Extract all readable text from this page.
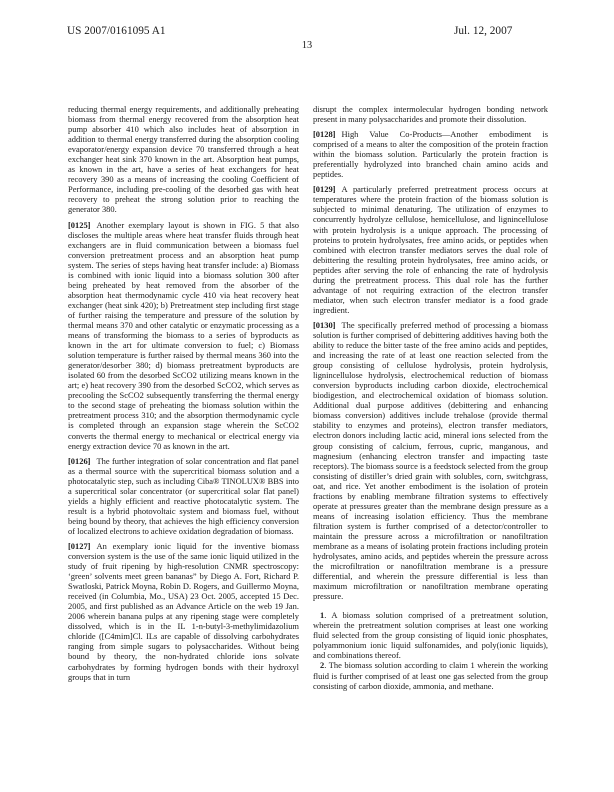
US 2007/0161095 A1	Jul. 12, 2007
13

reducing thermal energy requirements, and additionally preheating biomass from thermal energy recovered from the absorption heat pump absorber 410 which also includes heat of absorption in addition to thermal energy transferred during the absorption cooling evaporator/energy expansion device 70 transferred through a heat exchanger heat sink 370 known in the art. Absorption heat pumps, as known in the art, have a series of heat exchangers for heat recovery 390 as a means of increasing the cooling Coefficient of Performance, including pre-cooling of the desorbed gas with heat recovery to preheat the strong solution prior to reaching the generator 380.

[0125] Another exemplary layout is shown in FIG. 5 that also discloses the multiple areas where heat transfer fluids through heat exchangers are in fluid communication between a biomass fuel conversion pretreatment process and an absorption heat pump system. The series of steps having heat transfer include: a) Biomass is combined with ionic liquid into a biomass solution 300 after being preheated by heat removed from the absorber of the absorption heat thermodynamic cycle 410 via heat recovery heat exchanger (heat sink 420); b) Pretreatment step including first stage of further raising the temperature and pressure of the solution by thermal means 370 and other catalytic or enzymatic processing as a means of transforming the biomass to a series of byproducts as known in the art for ultimate conversion to fuel; c) Biomass solution temperature is further raised by thermal means 360 into the generator/desorber 380; d) biomass pretreatment byproducts are isolated 60 from the desorbed ScCO2 utilizing means known in the art; e) heat recovery 390 from the desorbed ScCO2, which serves as precooling the ScCO2 subsequently transferring the thermal energy to the second stage of preheating the biomass solution within the pretreatment process 310; and the absorption thermodynamic cycle is completed through an expansion stage wherein the ScCO2 converts the thermal energy to mechanical or electrical energy via energy extraction device 70 as known in the art.

[0126] The further integration of solar concentration and flat panel as a thermal source with the supercritical biomass solution and a photocatalytic step, such as including Ciba® TINOLUX® BBS into a supercritical solar concentrator (or supercritical solar flat panel) yields a highly efficient and reactive photocatalytic system. The result is a hybrid photovoltaic system and biomass fuel, without being bound by theory, that achieves the high efficiency conversion of localized electrons to achieve oxidation degradation of biomass.

[0127] An exemplary ionic liquid for the inventive biomass conversion system is the use of the same ionic liquid utilized in the study of fruit ripening by high-resolution CNMR spectroscopy: ‘green’ solvents meet green bananas” by Diego A. Fort, Richard P. Swatloski, Patrick Moyna, Robin D. Rogers, and Guillermo Moyna, received (in Columbia, Mo., USA) 23 Oct. 2005, accepted 15 Dec. 2005, and first published as an Advance Article on the web 19 Jan. 2006 wherein banana pulps at any ripening stage were completely dissolved, which is in the IL 1-n-butyl-3-methylimidazolium chloride ([C4mim]Cl. ILs are capable of dissolving carbohydrates ranging from simple sugars to polysaccharides. Without being bound by theory, the non-hydrated chloride ions solvate carbohydrates by forming hydrogen bonds with their hydroxyl groups that in turn

disrupt the complex intermolecular hydrogen bonding network present in many polysaccharides and promote their dissolution.

[0128] High Value Co-Products—Another embodiment is comprised of a means to alter the composition of the protein fraction within the biomass solution. Particularly the protein fraction is preferentially hydrolyzed into branched chain amino acids and peptides.

[0129] A particularly preferred pretreatment process occurs at temperatures where the protein fraction of the biomass solution is subjected to minimal denaturing. The utilization of enzymes to concurrently hydrolyze cellulose, hemicellulose, and lignincellulose with protein hydrolysis is a unique approach. The processing of proteins to protein hydrolysates, free amino acids, or peptides when combined with electron transfer mediators serves the dual role of debittering the resulting protein hydrolysates, free amino acids, or peptides after serving the role of enhancing the rate of hydrolysis during the pretreatment process. This dual role has the further advantage of not requiring extraction of the electron transfer mediator, when such electron transfer mediator is a food grade ingredient.

[0130] The specifically preferred method of processing a biomass solution is further comprised of debittering additives having both the ability to reduce the bitter taste of the free amino acids and peptides, and increasing the rate of at least one reaction selected from the group consisting of cellulose hydrolysis, protein hydrolysis, lignincellulose hydrolysis, electrochemical reduction of biomass conversion byproducts including carbon dioxide, electrochemical biodigestion, and electrochemical oxidation of biomass solution. Additional dual purpose additives (debittering and enhancing biomass conversion) additives include trehalose (provide thermal stability to enzymes and proteins), electron transfer mediators, electron donors including lactic acid, mineral ions selected from the group consisting of calcium, ferrous, cupric, manganous, and magnesium (enhancing electron transfer and impacting taste receptors). The biomass source is a feedstock selected from the group consisting of distiller’s dried grain with solubles, corn, switchgrass, oat, and rice. Yet another embodiment is the isolation of protein fractions by enabling membrane filtration systems to effectively operate at pressures greater than the membrane design pressure as a means of increasing isolation efficiency. Thus the membrane filtration system is further comprised of a detector/controller to maintain the pressure across a microfiltration or nanofiltration membrane as a means of isolating protein fractions including protein hydrolysates, amino acids, and peptides wherein the pressure across the microfiltration or nanofiltration membrane is a pressure differential, and wherein the pressure differential is less than maximum microfiltration or nanofiltration membrane operating pressure.

1. A biomass solution comprised of a pretreatment solution, wherein the pretreatment solution comprises at least one working fluid selected from the group consisting of liquid ionic phosphates, polyammonium ionic liquid sulfonamides, and poly(ionic liquids), and combinations thereof.

2. The biomass solution according to claim 1 wherein the working fluid is further comprised of at least one gas selected from the group consisting of carbon dioxide, ammonia, and methane.
